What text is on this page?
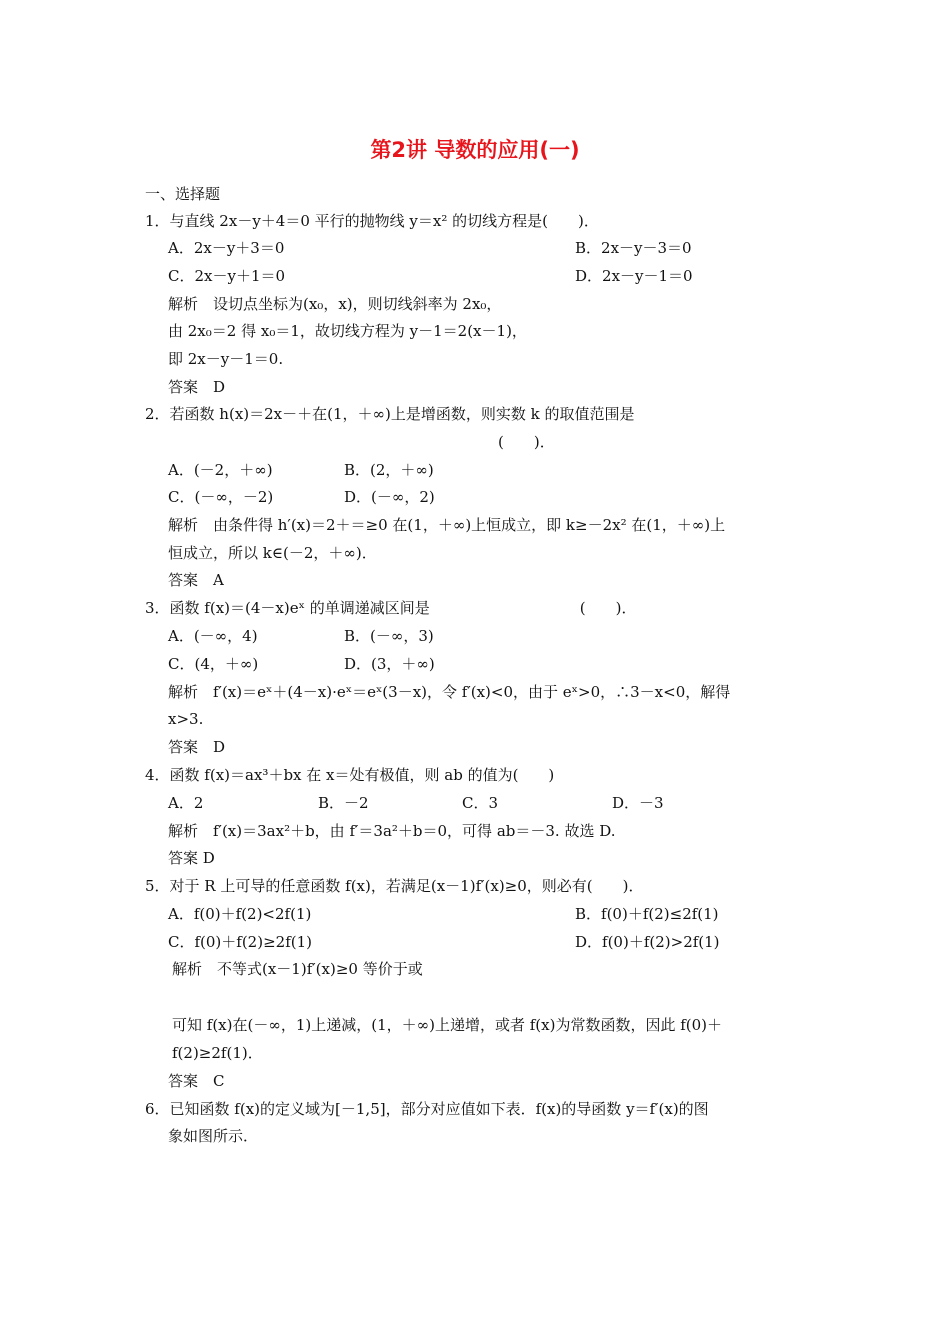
第2讲 导数的应用(一)
一、选择题
1．与直线 2x－y＋4＝0 平行的抛物线 y＝x² 的切线方程是(　　)．
A．2x－y＋3＝0	B．2x－y－3＝0
C．2x－y＋1＝0	D．2x－y－1＝0
解析　设切点坐标为(x₀，x)，则切线斜率为 2x₀，
由 2x₀＝2 得 x₀＝1，故切线方程为 y－1＝2(x－1)，
即 2x－y－1＝0.
答案　D
2．若函数 h(x)＝2x－＋在(1，＋∞)上是增函数，则实数 k 的取值范围是
(　　)．
A．(－2，＋∞)	B．(2，＋∞)
C．(－∞，－2)	D．(－∞，2)
解析　由条件得 h′(x)＝2＋＝≥0 在(1，＋∞)上恒成立，即 k≥－2x² 在(1，＋∞)上
恒成立，所以 k∈(－2，＋∞)．
答案　A
3．函数 f(x)＝(4－x)eˣ 的单调递减区间是　　　　　　　　　　(　　)．
A．(－∞，4)	B．(－∞，3)
C．(4，＋∞)	D．(3，＋∞)
解析　f′(x)＝eˣ＋(4－x)·eˣ＝eˣ(3－x)，令 f′(x)<0，由于 eˣ>0，∴3－x<0，解得
x>3.
答案　D
4．函数 f(x)＝ax³＋bx 在 x＝处有极值，则 ab 的值为(　　)
A．2	B．－2	C．3	D．－3
解析　f′(x)＝3ax²＋b，由 f′＝3a²＋b＝0，可得 ab＝－3. 故选 D.
答案 D
5．对于 R 上可导的任意函数 f(x)，若满足(x－1)f′(x)≥0，则必有(　　)．
A．f(0)＋f(2)<2f(1)	B．f(0)＋f(2)≤2f(1)
C．f(0)＋f(2)≥2f(1)	D．f(0)＋f(2)>2f(1)
解析　不等式(x－1)f′(x)≥0 等价于或
可知 f(x)在(－∞，1)上递减，(1，＋∞)上递增，或者 f(x)为常数函数，因此 f(0)＋
f(2)≥2f(1)．
答案　C
6．已知函数 f(x)的定义域为[－1,5]，部分对应值如下表．f(x)的导函数 y＝f′(x)的图
象如图所示．
